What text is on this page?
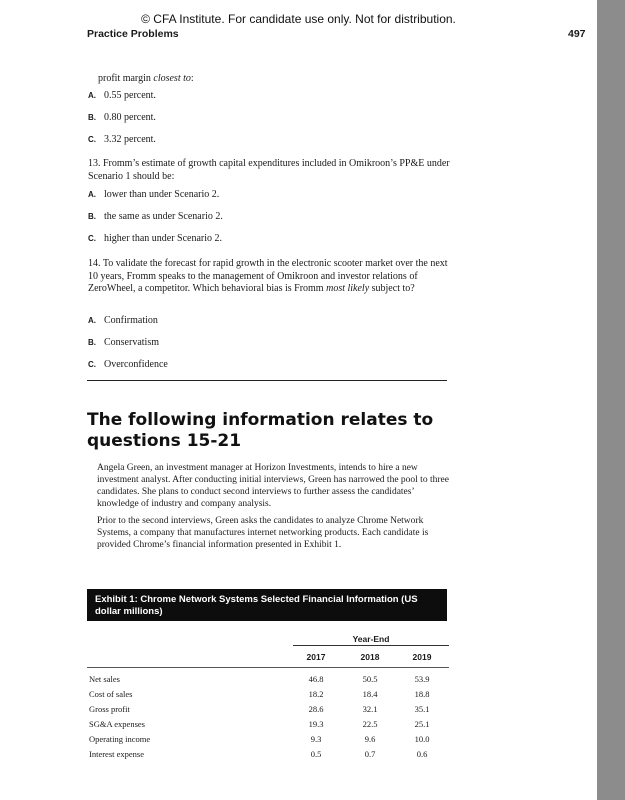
© CFA Institute. For candidate use only. Not for distribution.
Practice Problems	497
profit margin closest to:
A. 0.55 percent.
B. 0.80 percent.
C. 3.32 percent.
13. Fromm’s estimate of growth capital expenditures included in Omikroon’s PP&E under Scenario 1 should be:
A. lower than under Scenario 2.
B. the same as under Scenario 2.
C. higher than under Scenario 2.
14. To validate the forecast for rapid growth in the electronic scooter market over the next 10 years, Fromm speaks to the management of Omikroon and investor relations of ZeroWheel, a competitor. Which behavioral bias is Fromm most likely subject to?
A. Confirmation
B. Conservatism
C. Overconfidence
The following information relates to questions 15-21
Angela Green, an investment manager at Horizon Investments, intends to hire a new investment analyst. After conducting initial interviews, Green has narrowed the pool to three candidates. She plans to conduct second interviews to further assess the candidates’ knowledge of industry and company analysis.
Prior to the second interviews, Green asks the candidates to analyze Chrome Network Systems, a company that manufactures internet networking products. Each candidate is provided Chrome’s financial information presented in Exhibit 1.
Exhibit 1: Chrome Network Systems Selected Financial Information (US dollar millions)
Year-End
2017	2018	2019
Net sales	46.8	50.5	53.9
Cost of sales	18.2	18.4	18.8
Gross profit	28.6	32.1	35.1
SG&A expenses	19.3	22.5	25.1
Operating income	9.3	9.6	10.0
Interest expense	0.5	0.7	0.6
